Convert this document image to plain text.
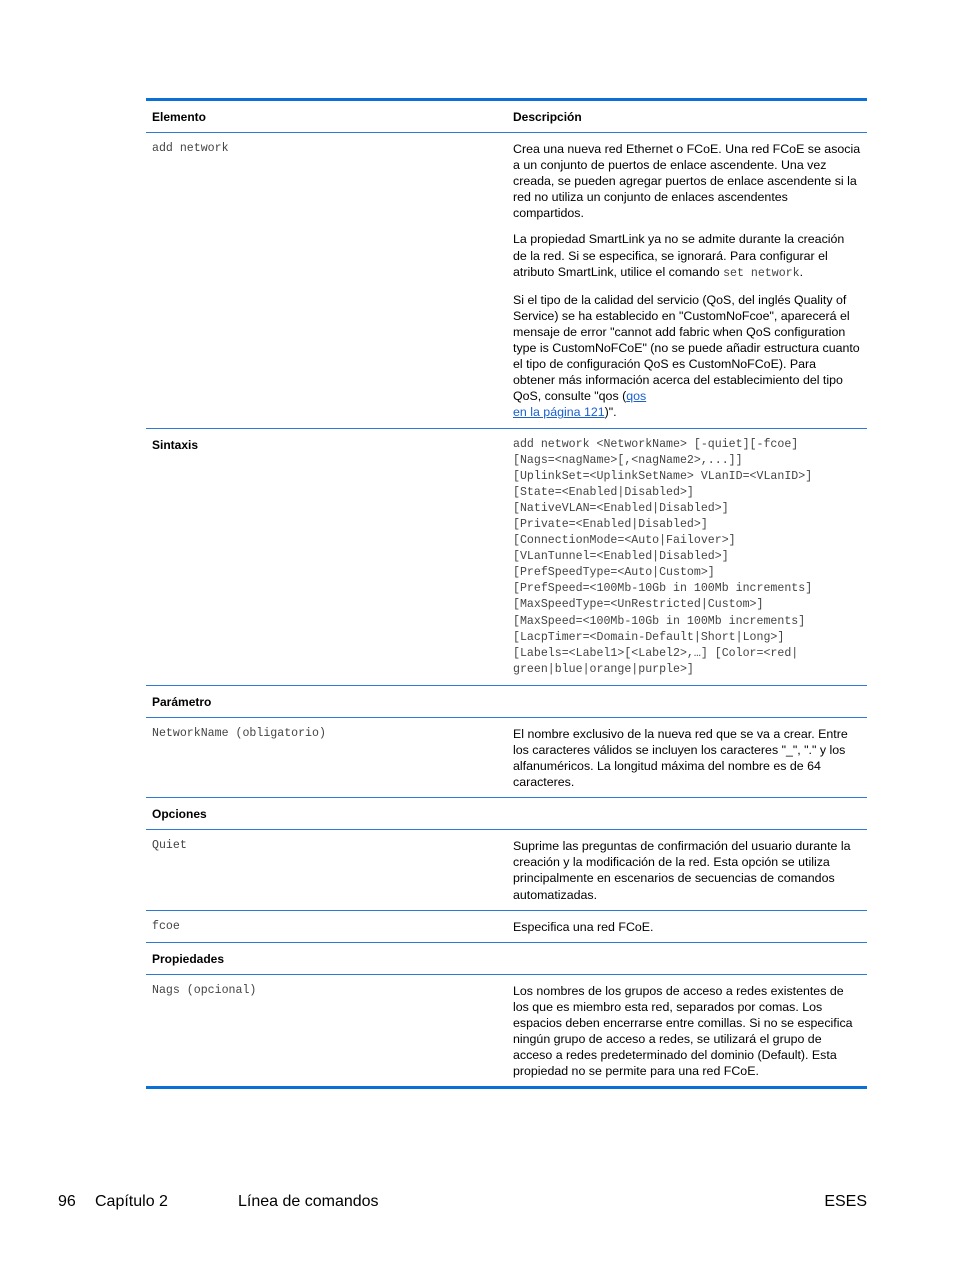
Elemento	Descripción
add network	Crea una nueva red Ethernet o FCoE. Una red FCoE se asocia a un conjunto de puertos de enlace ascendente. Una vez creada, se pueden agregar puertos de enlace ascendente si la red no utiliza un conjunto de enlaces ascendentes compartidos.

La propiedad SmartLink ya no se admite durante la creación de la red. Si se especifica, se ignorará. Para configurar el atributo SmartLink, utilice el comando set network.

Si el tipo de la calidad del servicio (QoS, del inglés Quality of Service) se ha establecido en "CustomNoFcoe", aparecerá el mensaje de error "cannot add fabric when QoS configuration type is CustomNoFCoE" (no se puede añadir estructura cuanto el tipo de configuración QoS es CustomNoFCoE). Para obtener más información acerca del establecimiento del tipo QoS, consulte "qos (qos
en la página 121)".

Sintaxis	add network <NetworkName> [-quiet][-fcoe]
[Nags=<nagName>[,<nagName2>,...]]
[UplinkSet=<UplinkSetName> VLanID=<VLanID>]
[State=<Enabled|Disabled>]
[NativeVLAN=<Enabled|Disabled>]
[Private=<Enabled|Disabled>]
[ConnectionMode=<Auto|Failover>]
[VLanTunnel=<Enabled|Disabled>]
[PrefSpeedType=<Auto|Custom>]
[PrefSpeed=<100Mb-10Gb in 100Mb increments]
[MaxSpeedType=<UnRestricted|Custom>]
[MaxSpeed=<100Mb-10Gb in 100Mb increments]
[LacpTimer=<Domain-Default|Short|Long>]
[Labels=<Label1>[<Label2>,…] [Color=<red|
green|blue|orange|purple>]
Parámetro
NetworkName (obligatorio)	El nombre exclusivo de la nueva red que se va a crear. Entre los caracteres válidos se incluyen los caracteres "_", "." y los alfanuméricos. La longitud máxima del nombre es de 64 caracteres.
Opciones
Quiet	Suprime las preguntas de confirmación del usuario durante la creación y la modificación de la red. Esta opción se utiliza principalmente en escenarios de secuencias de comandos automatizadas.
fcoe	Especifica una red FCoE.
Propiedades
Nags (opcional)	Los nombres de los grupos de acceso a redes existentes de los que es miembro esta red, separados por comas. Los espacios deben encerrarse entre comillas. Si no se especifica ningún grupo de acceso a redes, se utilizará el grupo de acceso a redes predeterminado del dominio (Default). Esta propiedad no se permite para una red FCoE.
96 Capítulo 2	Línea de comandos	ESES
